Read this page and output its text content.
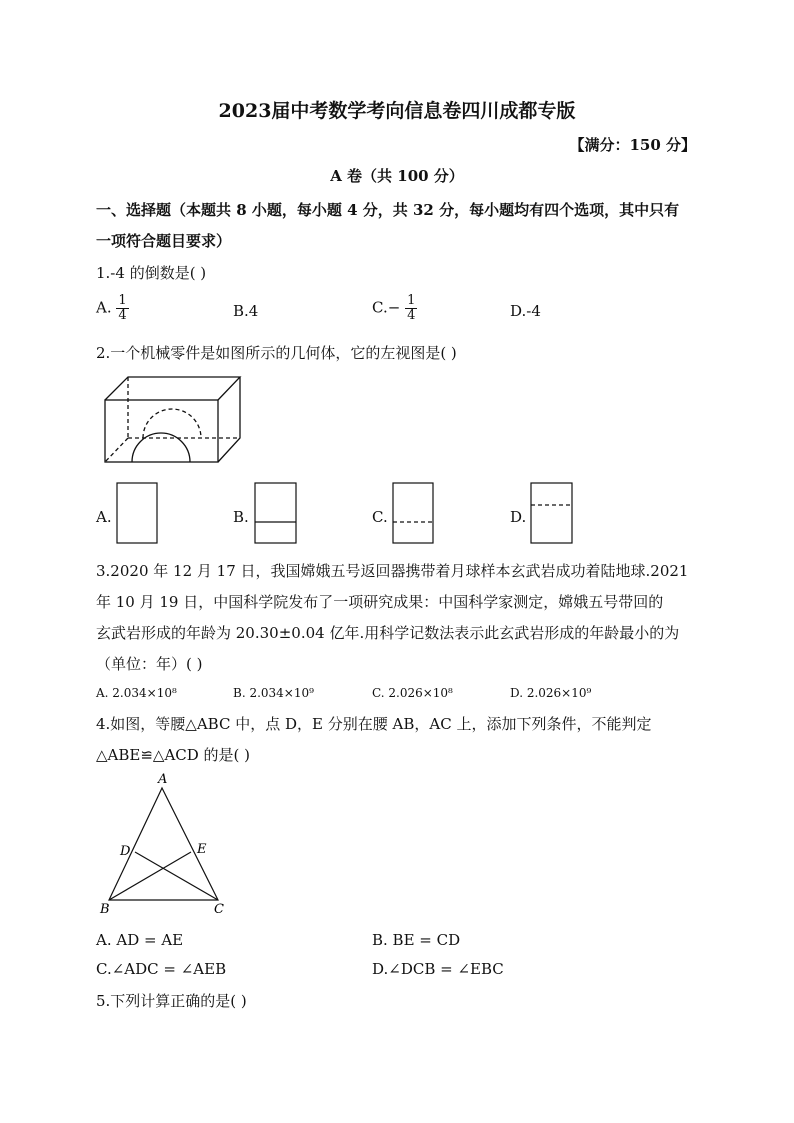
2023届中考数学考向信息卷四川成都专版
【满分：150 分】
A 卷（共 100 分）
一、选择题（本题共 8 小题，每小题 4 分，共 32 分，每小题均有四个选项，其中只有
一项符合题目要求）
1.-4 的倒数是( )
A. $\frac{1}{4}$	B.4	$C.- \frac{1}{4}$	D.-4
2.一个机械零件是如图所示的几何体，它的左视图是( )
A.	B.	C.	D.
3.2020 年 12 月 17 日，我国嫦娥五号返回器携带着月球样本玄武岩成功着陆地球.2021
年 10 月 19 日，中国科学院发布了一项研究成果：中国科学家测定，嫦娥五号带回的
玄武岩形成的年龄为 20.30±0.04 亿年.用科学记数法表示此玄武岩形成的年龄最小的为
（单位：年）( )
A. 2.034×10⁸	B. 2.034×10⁹	C. 2.026×10⁸	D. 2.026×10⁹
4.如图，等腰△ABC 中，点 D，E 分别在腰 AB，AC 上，添加下列条件，不能判定
△ABE≌△ACD 的是( )
A
B	C
D	E
A. AD = AE	B. BE = CD
C.∠ADC = ∠AEB	D.∠DCB = ∠EBC
5.下列计算正确的是( )
